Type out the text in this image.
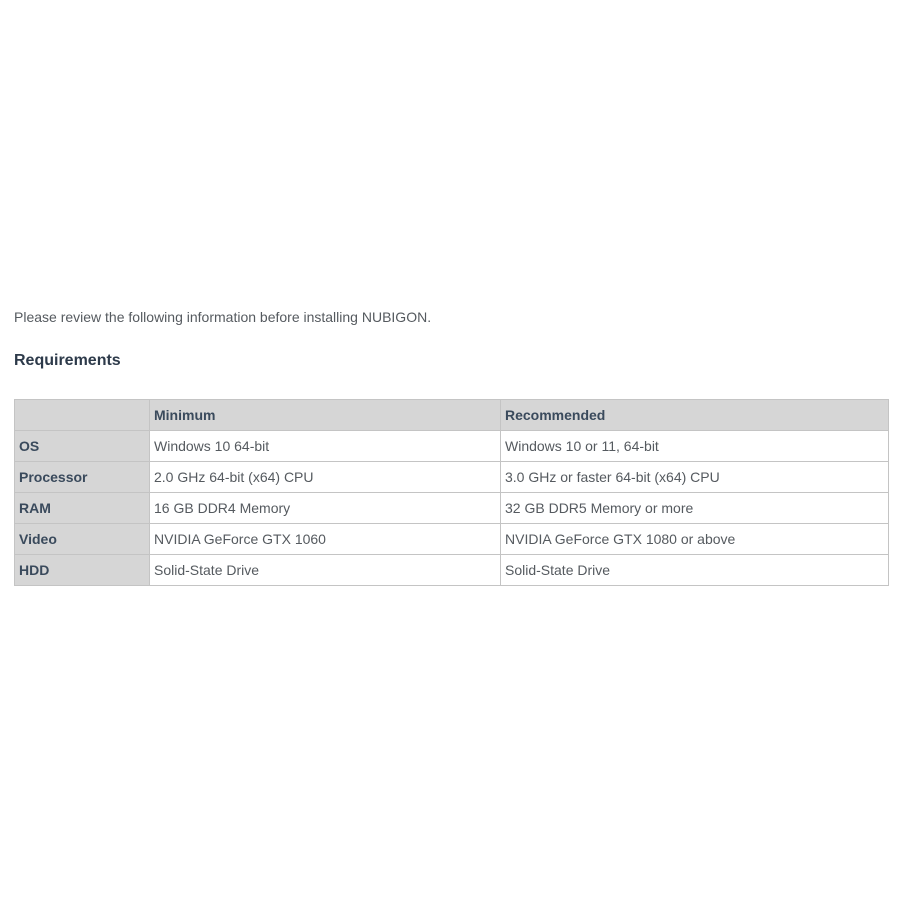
Please review the following information before installing NUBIGON.

Requirements
	Minimum	Recommended
OS	Windows 10 64-bit	Windows 10 or 11, 64-bit
Processor	2.0 GHz 64-bit (x64) CPU	3.0 GHz or faster 64-bit (x64) CPU
RAM	16 GB DDR4 Memory	32 GB DDR5 Memory or more
Video	NVIDIA GeForce GTX 1060	NVIDIA GeForce GTX 1080 or above
HDD	Solid-State Drive	Solid-State Drive
